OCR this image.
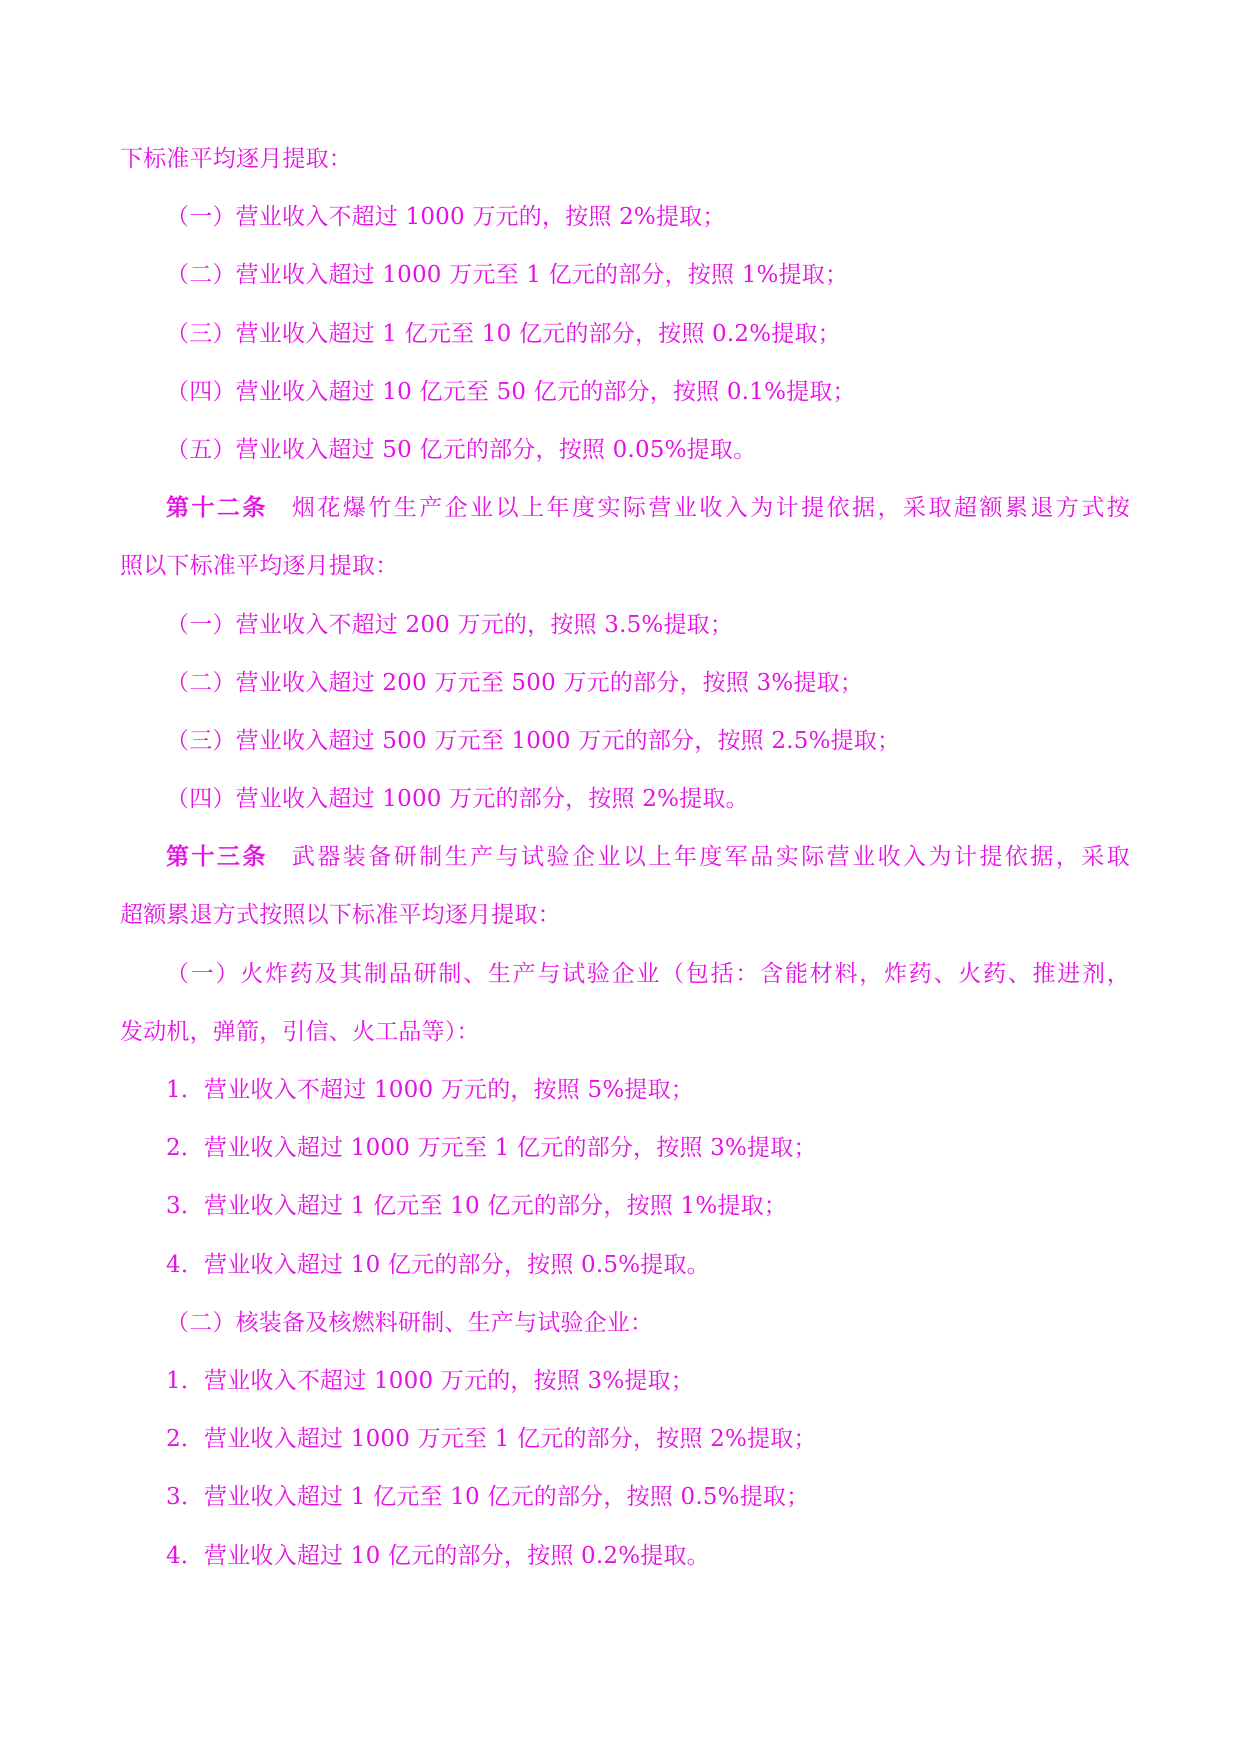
下标准平均逐月提取：
（一）营业收入不超过 1000 万元的，按照 2%提取；
（二）营业收入超过 1000 万元至 1 亿元的部分，按照 1%提取；
（三）营业收入超过 1 亿元至 10 亿元的部分，按照 0.2%提取；
（四）营业收入超过 10 亿元至 50 亿元的部分，按照 0.1%提取；
（五）营业收入超过 50 亿元的部分，按照 0.05%提取。
第十二条 烟花爆竹生产企业以上年度实际营业收入为计提依据，采取超额累退方式按
照以下标准平均逐月提取：
（一）营业收入不超过 200 万元的，按照 3.5%提取；
（二）营业收入超过 200 万元至 500 万元的部分，按照 3%提取；
（三）营业收入超过 500 万元至 1000 万元的部分，按照 2.5%提取；
（四）营业收入超过 1000 万元的部分，按照 2%提取。
第十三条 武器装备研制生产与试验企业以上年度军品实际营业收入为计提依据，采取
超额累退方式按照以下标准平均逐月提取：
（一）火炸药及其制品研制、生产与试验企业（包括：含能材料，炸药、火药、推进剂，
发动机，弹箭，引信、火工品等）：
1．营业收入不超过 1000 万元的，按照 5%提取；
2．营业收入超过 1000 万元至 1 亿元的部分，按照 3%提取；
3．营业收入超过 1 亿元至 10 亿元的部分，按照 1%提取；
4．营业收入超过 10 亿元的部分，按照 0.5%提取。
（二）核装备及核燃料研制、生产与试验企业：
1．营业收入不超过 1000 万元的，按照 3%提取；
2．营业收入超过 1000 万元至 1 亿元的部分，按照 2%提取；
3．营业收入超过 1 亿元至 10 亿元的部分，按照 0.5%提取；
4．营业收入超过 10 亿元的部分，按照 0.2%提取。
